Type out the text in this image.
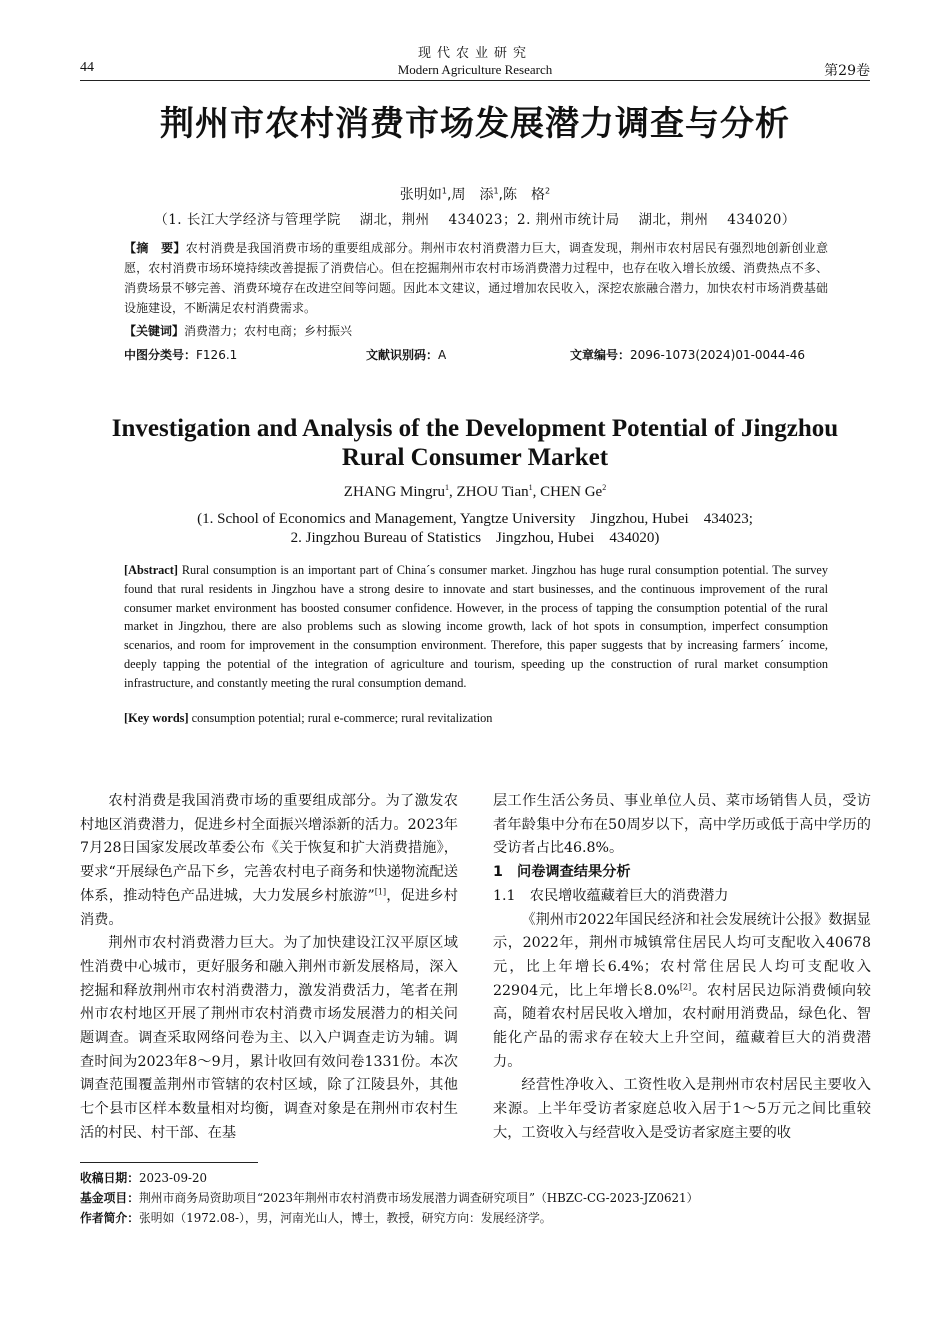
44
现代农业研究
Modern Agriculture Research	第29卷
荆州市农村消费市场发展潜力调查与分析
张明如$^1$,周　添$^1$,陈　格$^2$
（1. 长江大学经济与管理学院　 湖北，荆州　 434023；2. 荆州市统计局　 湖北，荆州　 434020）
【摘　要】农村消费是我国消费市场的重要组成部分。荆州市农村消费潜力巨大，调查发现，荆州市农村居民有强烈地创新创业意愿，农村消费市场环境持续改善提振了消费信心。但在挖掘荆州市农村市场消费潜力过程中，也存在收入增长放缓、消费热点不多、消费场景不够完善、消费环境存在改进空间等问题。因此本文建议，通过增加农民收入，深挖农旅融合潜力，加快农村市场消费基础设施建设，不断满足农村消费需求。
【关键词】消费潜力；农村电商；乡村振兴
中图分类号：F126.1	文献识别码：A	文章编号：2096-1073(2024)01-0044-46
Investigation and Analysis of the Development Potential of Jingzhou Rural Consumer Market
ZHANG Mingru$^1$, ZHOU Tian$^1$, CHEN Ge$^2$
(1. School of Economics and Management, Yangtze University　Jingzhou, Hubei　434023;
2. Jingzhou Bureau of Statistics　Jingzhou, Hubei　434020)
[Abstract] Rural consumption is an important part of China´s consumer market. Jingzhou has huge rural consumption potential. The survey found that rural residents in Jingzhou have a strong desire to innovate and start businesses, and the continuous improvement of the rural consumer market environment has boosted consumer confidence. However, in the process of tapping the consumption potential of the rural market in Jingzhou, there are also problems such as slowing income growth, lack of hot spots in consumption, imperfect consumption scenarios, and room for improvement in the consumption environment. Therefore, this paper suggests that by increasing farmers´ income, deeply tapping the potential of the integration of agriculture and tourism, speeding up the construction of rural market consumption infrastructure, and constantly meeting the rural consumption demand.
[Key words] consumption potential; rural e-commerce; rural revitalization

农村消费是我国消费市场的重要组成部分。为了激发农村地区消费潜力，促进乡村全面振兴增添新的活力。2023年7月28日国家发展改革委公布《关于恢复和扩大消费措施》，要求“开展绿色产品下乡，完善农村电子商务和快递物流配送体系，推动特色产品进城，大力发展乡村旅游”[1]，促进乡村消费。

荆州市农村消费潜力巨大。为了加快建设江汉平原区域性消费中心城市，更好服务和融入荆州市新发展格局，深入挖掘和释放荆州市农村消费潜力，激发消费活力，笔者在荆州市农村地区开展了荆州市农村消费市场发展潜力的相关问题调查。调查采取网络问卷为主、以入户调查走访为辅。调查时间为2023年8～9月，累计收回有效问卷1331份。本次调查范围覆盖荆州市管辖的农村区域，除了江陵县外，其他七个县市区样本数量相对均衡，调查对象是在荆州市农村生活的村民、村干部、在基

层工作生活公务员、事业单位人员、菜市场销售人员，受访者年龄集中分布在50周岁以下，高中学历或低于高中学历的受访者占比46.8%。

1　问卷调查结果分析
1.1　农民增收蕴藏着巨大的消费潜力

《荆州市2022年国民经济和社会发展统计公报》数据显示，2022年，荆州市城镇常住居民人均可支配收入40678元，比上年增长6.4%；农村常住居民人均可支配收入22904元，比上年增长8.0%[2]。农村居民边际消费倾向较高，随着农村居民收入增加，农村耐用消费品，绿色化、智能化产品的需求存在较大上升空间，蕴藏着巨大的消费潜力。

经营性净收入、工资性收入是荆州市农村居民主要收入来源。上半年受访者家庭总收入居于1～5万元之间比重较大，工资收入与经营收入是受访者家庭主要的收

收稿日期：2023-09-20
基金项目：荆州市商务局资助项目“2023年荆州市农村消费市场发展潜力调查研究项目”（HBZC-CG-2023-JZ0621）
作者简介：张明如（1972.08-），男，河南光山人，博士，教授，研究方向：发展经济学。
